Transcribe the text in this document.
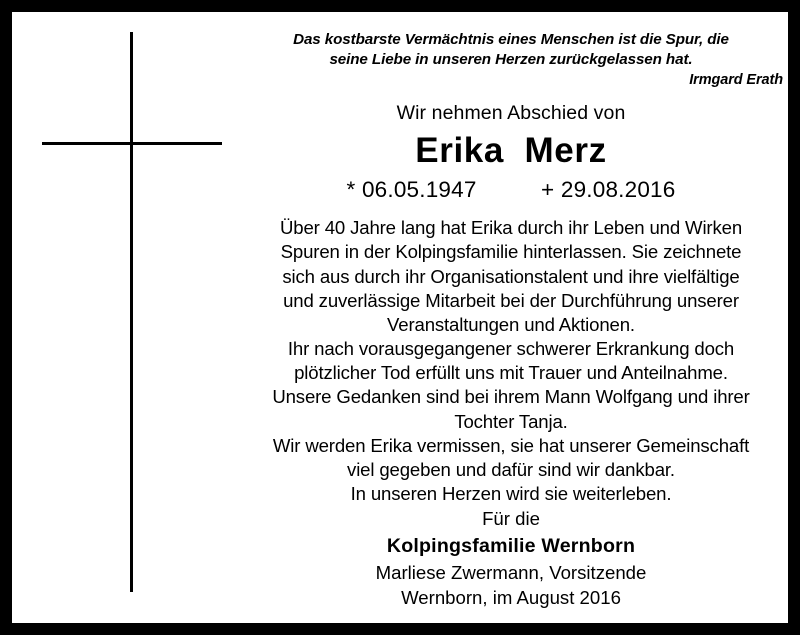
Das kostbarste Vermächtnis eines Menschen ist die Spur, die
seine Liebe in unseren Herzen zurückgelassen hat.
Irmgard Erath
Wir nehmen Abschied von
Erika  Merz
* 06.05.1947          + 29.08.2016
Über 40 Jahre lang hat Erika durch ihr Leben und Wirken
Spuren in der Kolpingsfamilie hinterlassen. Sie zeichnete
sich aus durch ihr Organisationstalent und ihre vielfältige
und zuverlässige Mitarbeit bei der Durchführung unserer
Veranstaltungen und Aktionen.
Ihr nach vorausgegangener schwerer Erkrankung doch
plötzlicher Tod erfüllt uns mit Trauer und Anteilnahme.
Unsere Gedanken sind bei ihrem Mann Wolfgang und ihrer
Tochter Tanja.
Wir werden Erika vermissen, sie hat unserer Gemeinschaft
viel gegeben und dafür sind wir dankbar.
In unseren Herzen wird sie weiterleben.
Für die
Kolpingsfamilie Wernborn
Marliese Zwermann, Vorsitzende
Wernborn, im August 2016
